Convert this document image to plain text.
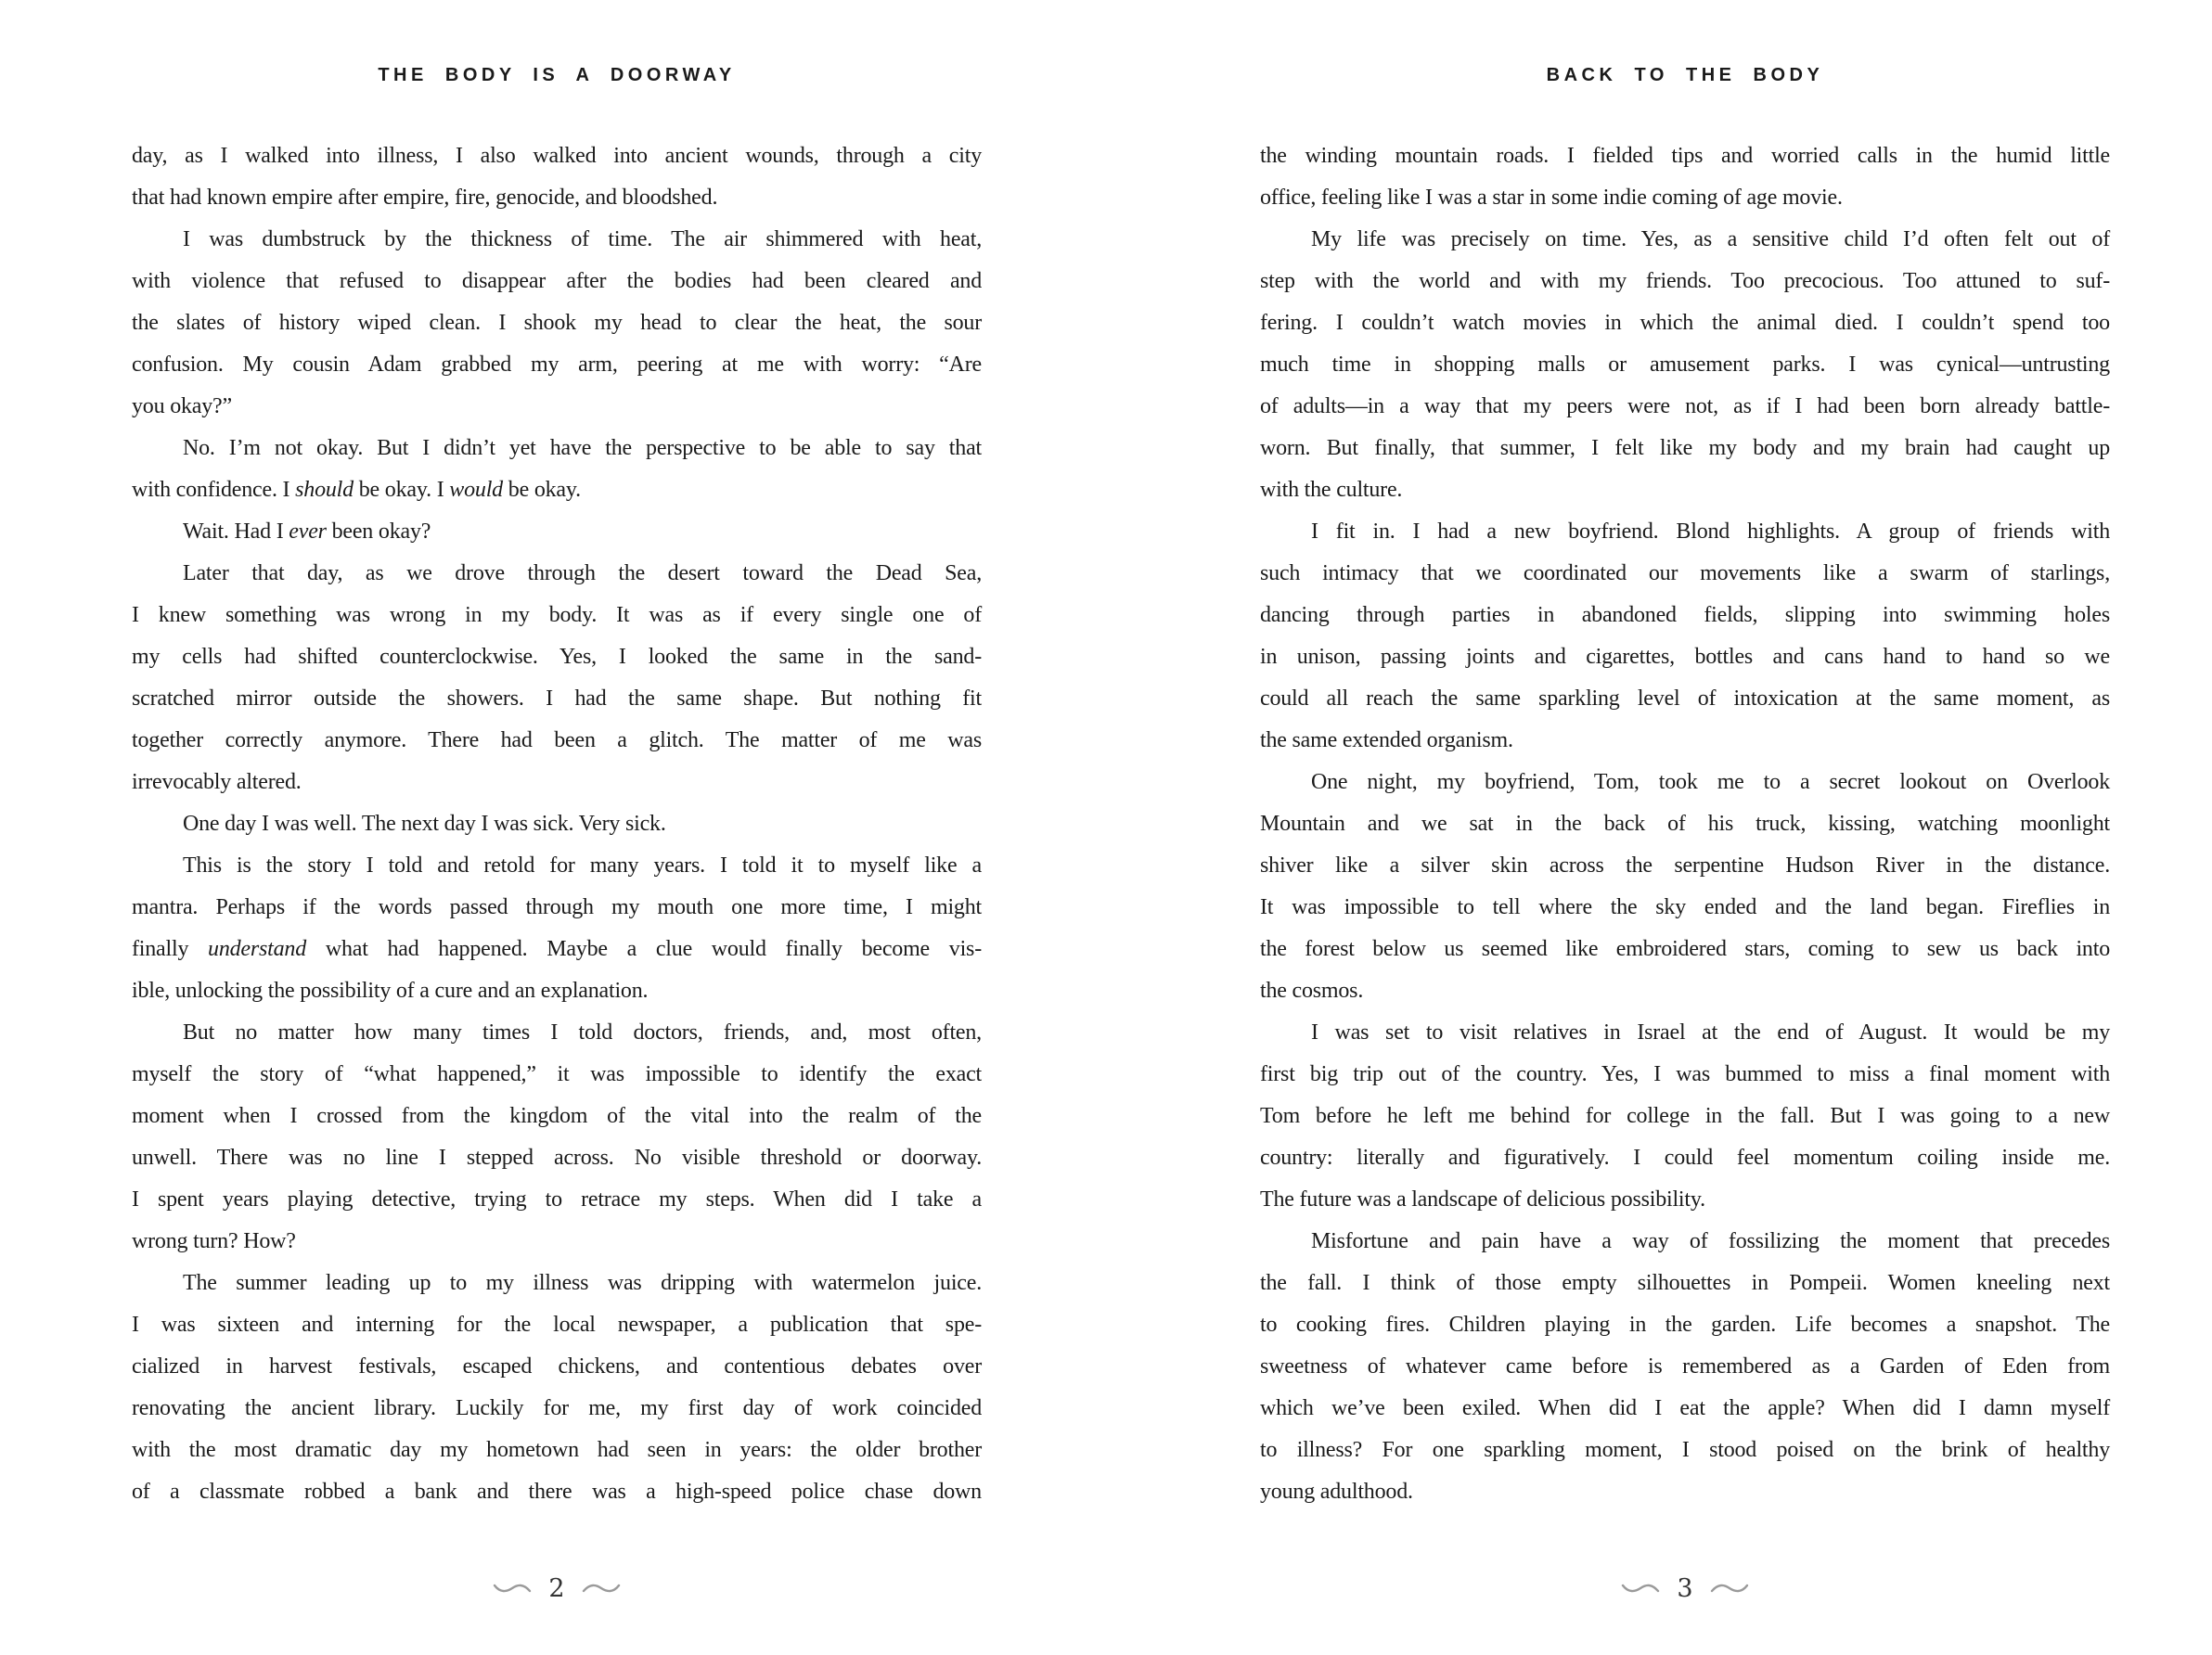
THE BODY IS A DOORWAY
day, as I walked into illness, I also walked into ancient wounds, through a city
that had known empire after empire, fire, genocide, and bloodshed.
I was dumbstruck by the thickness of time. The air shimmered with heat,
with violence that refused to disappear after the bodies had been cleared and
the slates of history wiped clean. I shook my head to clear the heat, the sour
confusion. My cousin Adam grabbed my arm, peering at me with worry: “Are
you okay?”
No. I’m not okay. But I didn’t yet have the perspective to be able to say that
with confidence. I should be okay. I would be okay.
Wait. Had I ever been okay?
Later that day, as we drove through the desert toward the Dead Sea,
I knew something was wrong in my body. It was as if every single one of
my cells had shifted counterclockwise. Yes, I looked the same in the sand-
scratched mirror outside the showers. I had the same shape. But nothing fit
together correctly anymore. There had been a glitch. The matter of me was
irrevocably altered.
One day I was well. The next day I was sick. Very sick.
This is the story I told and retold for many years. I told it to myself like a
mantra. Perhaps if the words passed through my mouth one more time, I might
finally understand what had happened. Maybe a clue would finally become vis-
ible, unlocking the possibility of a cure and an explanation.
But no matter how many times I told doctors, friends, and, most often,
myself the story of “what happened,” it was impossible to identify the exact
moment when I crossed from the kingdom of the vital into the realm of the
unwell. There was no line I stepped across. No visible threshold or doorway.
I spent years playing detective, trying to retrace my steps. When did I take a
wrong turn? How?
The summer leading up to my illness was dripping with watermelon juice.
I was sixteen and interning for the local newspaper, a publication that spe-
cialized in harvest festivals, escaped chickens, and contentious debates over
renovating the ancient library. Luckily for me, my first day of work coincided
with the most dramatic day my hometown had seen in years: the older brother
of a classmate robbed a bank and there was a high-speed police chase down
2
BACK TO THE BODY
the winding mountain roads. I fielded tips and worried calls in the humid little
office, feeling like I was a star in some indie coming of age movie.
My life was precisely on time. Yes, as a sensitive child I’d often felt out of
step with the world and with my friends. Too precocious. Too attuned to suf-
fering. I couldn’t watch movies in which the animal died. I couldn’t spend too
much time in shopping malls or amusement parks. I was cynical—untrusting
of adults—in a way that my peers were not, as if I had been born already battle-
worn. But finally, that summer, I felt like my body and my brain had caught up
with the culture.
I fit in. I had a new boyfriend. Blond highlights. A group of friends with
such intimacy that we coordinated our movements like a swarm of starlings,
dancing through parties in abandoned fields, slipping into swimming holes
in unison, passing joints and cigarettes, bottles and cans hand to hand so we
could all reach the same sparkling level of intoxication at the same moment, as
the same extended organism.
One night, my boyfriend, Tom, took me to a secret lookout on Overlook
Mountain and we sat in the back of his truck, kissing, watching moonlight
shiver like a silver skin across the serpentine Hudson River in the distance.
It was impossible to tell where the sky ended and the land began. Fireflies in
the forest below us seemed like embroidered stars, coming to sew us back into
the cosmos.
I was set to visit relatives in Israel at the end of August. It would be my
first big trip out of the country. Yes, I was bummed to miss a final moment with
Tom before he left me behind for college in the fall. But I was going to a new
country: literally and figuratively. I could feel momentum coiling inside me.
The future was a landscape of delicious possibility.
Misfortune and pain have a way of fossilizing the moment that precedes
the fall. I think of those empty silhouettes in Pompeii. Women kneeling next
to cooking fires. Children playing in the garden. Life becomes a snapshot. The
sweetness of whatever came before is remembered as a Garden of Eden from
which we’ve been exiled. When did I eat the apple? When did I damn myself
to illness? For one sparkling moment, I stood poised on the brink of healthy
young adulthood.
3
